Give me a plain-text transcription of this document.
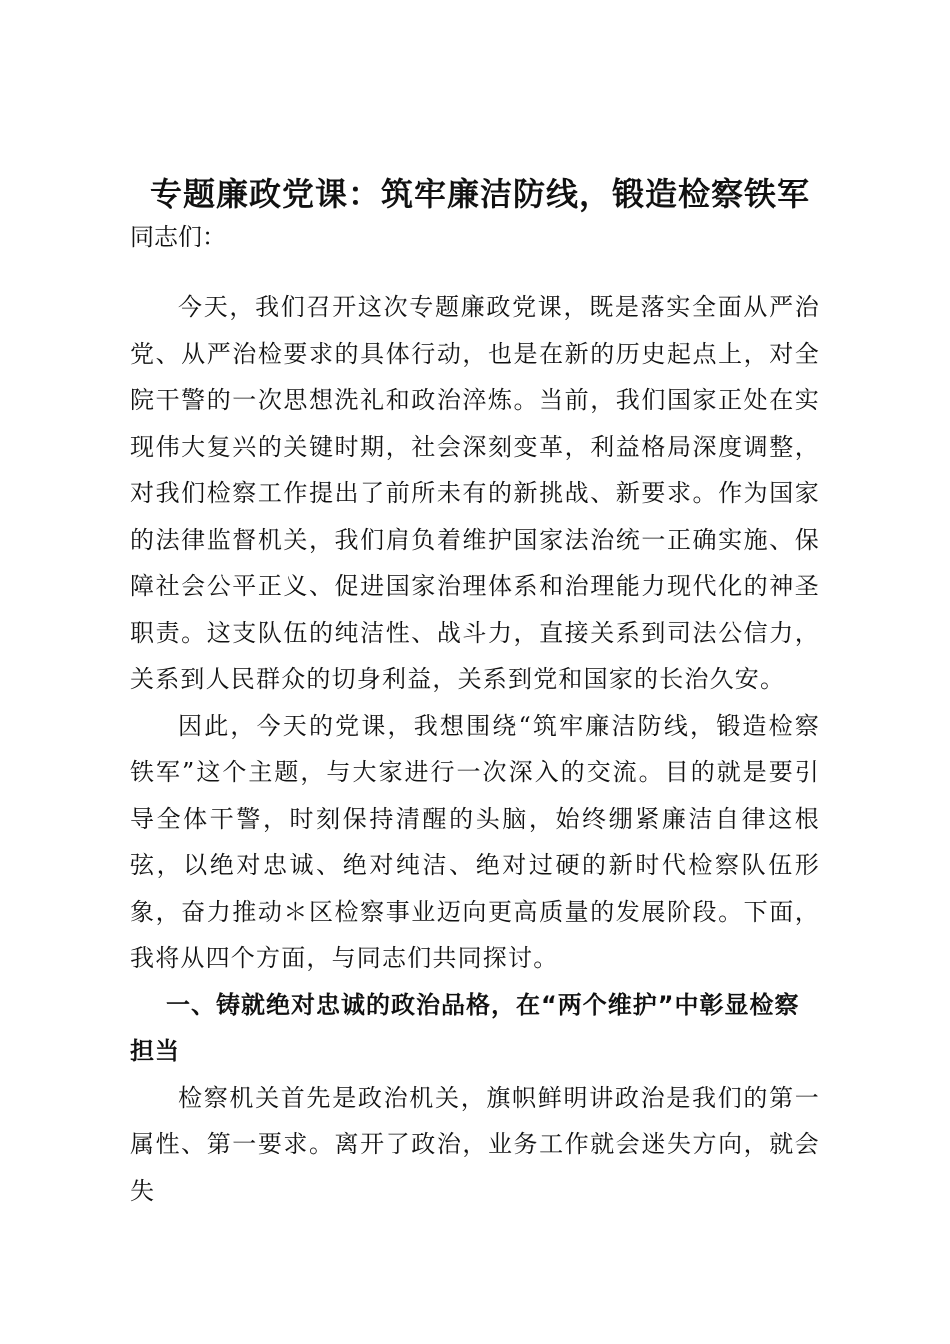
专题廉政党课：筑牢廉洁防线，锻造检察铁军
同志们：

今天，我们召开这次专题廉政党课，既是落实全面从严治党、从严治检要求的具体行动，也是在新的历史起点上，对全院干警的一次思想洗礼和政治淬炼。当前，我们国家正处在实现伟大复兴的关键时期，社会深刻变革，利益格局深度调整，对我们检察工作提出了前所未有的新挑战、新要求。作为国家的法律监督机关，我们肩负着维护国家法治统一正确实施、保障社会公平正义、促进国家治理体系和治理能力现代化的神圣职责。这支队伍的纯洁性、战斗力，直接关系到司法公信力，关系到人民群众的切身利益，关系到党和国家的长治久安。

因此，今天的党课，我想围绕“筑牢廉洁防线，锻造检察铁军”这个主题，与大家进行一次深入的交流。目的就是要引导全体干警，时刻保持清醒的头脑，始终绷紧廉洁自律这根弦，以绝对忠诚、绝对纯洁、绝对过硬的新时代检察队伍形象，奋力推动＊区检察事业迈向更高质量的发展阶段。下面，我将从四个方面，与同志们共同探讨。

一、铸就绝对忠诚的政治品格，在“两个维护”中彰显检察担当

检察机关首先是政治机关，旗帜鲜明讲政治是我们的第一属性、第一要求。离开了政治，业务工作就会迷失方向，就会失
